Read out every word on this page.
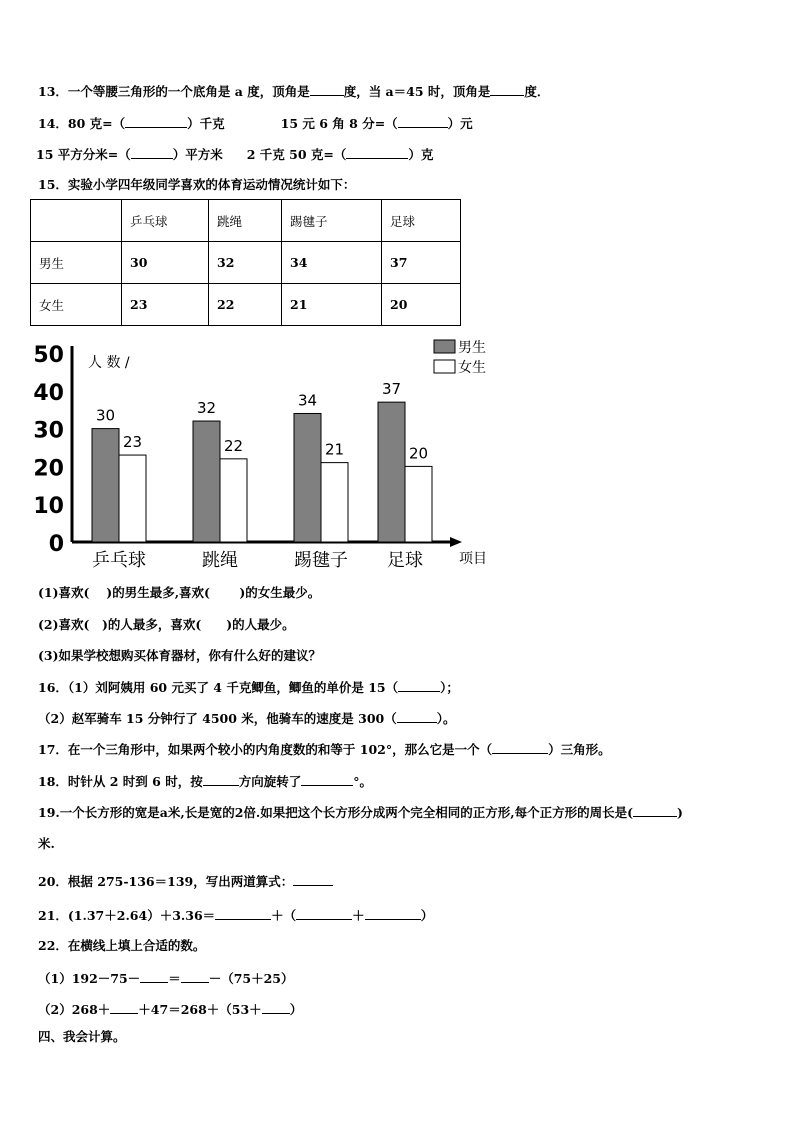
13．一个等腰三角形的一个底角是 a 度，顶角是	度，当 a＝45 时，顶角是	度．
14．80 克=（	）千克	15 元 6 角 8 分=（	）元
15 平方分米=（	）平方米 2 千克 50 克=（	）克
15．实验小学四年级同学喜欢的体育运动情况统计如下：
	乒乓球	跳绳	踢毽子	足球
男生	30	32	34	37
女生	23	22	21	20
0
10
20
30
40
50 人 数 /
项目
30
23
乒乓球
32
22
跳绳
34
21
踢毽子
37
20
足球
男生
女生
(1)喜欢(　 )的男生最多,喜欢(　　 )的女生最少。
(2)喜欢(　)的人最多，喜欢(　　)的人最少。
(3)如果学校想购买体育器材，你有什么好的建议？
16．（1）刘阿姨用 60 元买了 4 千克鲫鱼，鲫鱼的单价是 15（	）；
（2）赵军骑车 15 分钟行了 4500 米，他骑车的速度是 300（	）。
17．在一个三角形中，如果两个较小的内角度数的和等于 102°，那么它是一个（	）三角形。
18．时针从 2 时到 6 时，按	方向旋转了	°。
19.一个长方形的宽是a米,长是宽的2倍.如果把这个长方形分成两个完全相同的正方形,每个正方形的周长是(	)
米.
20．根据 275-136＝139，写出两道算式：
21．(1.37＋2.64）＋3.36＝	＋（	＋	）
22．在横线上填上合适的数。
（1）192－75－ ＝ －（75＋25）
（2）268＋ ＋47＝268＋（53＋ ）
四、我会计算。
